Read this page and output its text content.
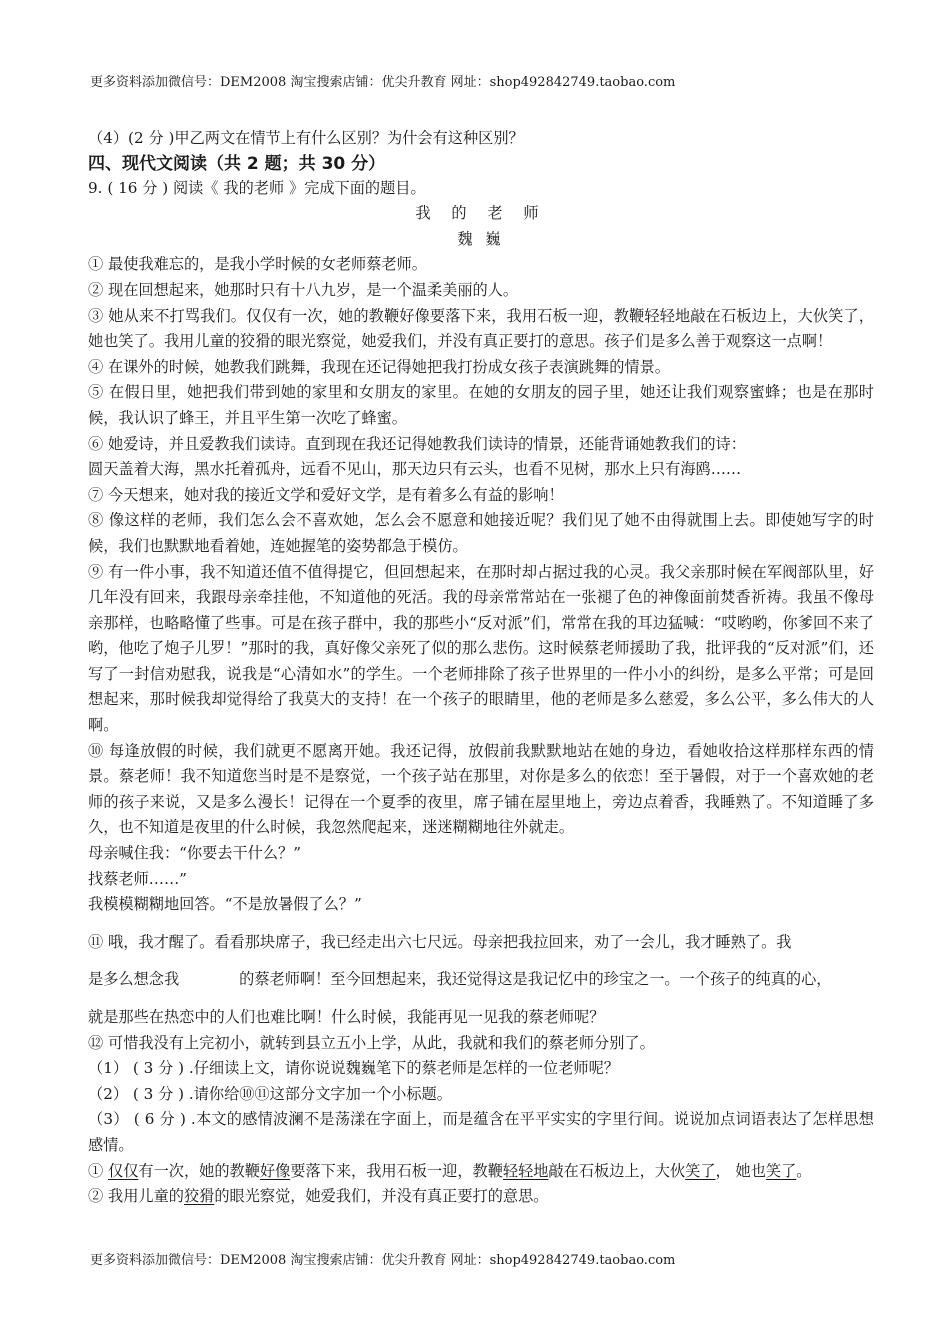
更多资料添加微信号：DEM2008 淘宝搜索店铺：优尖升教育 网址：shop492842749.taobao.com
（4）(2 分 )甲乙两文在情节上有什么区别？为什会有这种区别？
四、现代文阅读（共 2 题；共 30 分）
9. ( 16 分 ) 阅读《 我的老师 》完成下面的题目。
我 的 老 师
魏 巍
① 最使我难忘的，是我小学时候的女老师蔡老师。
② 现在回想起来，她那时只有十八九岁，是一个温柔美丽的人。
③ 她从来不打骂我们。仅仅有一次，她的教鞭好像要落下来，我用石板一迎，教鞭轻轻地敲在石板边上，大伙笑了，她也笑了。我用儿童的狡猾的眼光察觉，她爱我们，并没有真正要打的意思。孩子们是多么善于观察这一点啊！
④ 在课外的时候，她教我们跳舞，我现在还记得她把我打扮成女孩子表演跳舞的情景。
⑤ 在假日里，她把我们带到她的家里和女朋友的家里。在她的女朋友的园子里，她还让我们观察蜜蜂；也是在那时候，我认识了蜂王，并且平生第一次吃了蜂蜜。
⑥ 她爱诗，并且爱教我们读诗。直到现在我还记得她教我们读诗的情景，还能背诵她教我们的诗：
圆天盖着大海，黑水托着孤舟，远看不见山，那天边只有云头，也看不见树，那水上只有海鸥……
⑦ 今天想来，她对我的接近文学和爱好文学，是有着多么有益的影响！
⑧ 像这样的老师，我们怎么会不喜欢她，怎么会不愿意和她接近呢？我们见了她不由得就围上去。即使她写字的时候，我们也默默地看着她，连她握笔的姿势都急于模仿。
⑨ 有一件小事，我不知道还值不值得提它，但回想起来，在那时却占据过我的心灵。我父亲那时候在军阀部队里，好几年没有回来，我跟母亲牵挂他，不知道他的死活。我的母亲常常站在一张褪了色的神像面前焚香祈祷。我虽不像母亲那样，也略略懂了些事。可是在孩子群中，我的那些小“反对派”们，常常在我的耳边猛喊：“哎哟哟，你爹回不来了哟，他吃了炮子儿罗！”那时的我，真好像父亲死了似的那么悲伤。这时候蔡老师援助了我，批评我的“反对派”们，还写了一封信劝慰我，说我是“心清如水”的学生。一个老师排除了孩子世界里的一件小小的纠纷，是多么平常；可是回想起来，那时候我却觉得给了我莫大的支持！在一个孩子的眼睛里，他的老师是多么慈爱，多么公平，多么伟大的人啊。
⑩ 每逢放假的时候，我们就更不愿离开她。我还记得，放假前我默默地站在她的身边，看她收拾这样那样东西的情景。蔡老师！我不知道您当时是不是察觉，一个孩子站在那里，对你是多么的依恋！至于暑假，对于一个喜欢她的老师的孩子来说，又是多么漫长！记得在一个夏季的夜里，席子铺在屋里地上，旁边点着香，我睡熟了。不知道睡了多久，也不知道是夜里的什么时候，我忽然爬起来，迷迷糊糊地往外就走。
母亲喊住我：“你要去干什么？”
找蔡老师……”
我模模糊糊地回答。“不是放暑假了么？”
⑪ 哦，我才醒了。看看那块席子，我已经走出六七尺远。母亲把我拉回来，劝了一会儿，我才睡熟了。我
是多么想念我	的蔡老师啊！至今回想起来，我还觉得这是我记忆中的珍宝之一。一个孩子的纯真的心，
就是那些在热恋中的人们也难比啊！什么时候，我能再见一见我的蔡老师呢？
⑫ 可惜我没有上完初小，就转到县立五小上学，从此，我就和我们的蔡老师分别了。
（1） ( 3 分 ) .仔细读上文，请你说说魏巍笔下的蔡老师是怎样的一位老师呢？
（2） ( 3 分 ) .请你给⑩⑪这部分文字加一个小标题。
（3） ( 6 分 ) .本文的感情波澜不是荡漾在字面上，而是蕴含在平平实实的字里行间。说说加点词语表达了怎样思想感情。
① 仅仅有一次，她的教鞭好像要落下来，我用石板一迎，教鞭轻轻地敲在石板边上，大伙笑了， 她也笑了。
② 我用儿童的狡猾的眼光察觉，她爱我们，并没有真正要打的意思。
更多资料添加微信号：DEM2008 淘宝搜索店铺：优尖升教育 网址：shop492842749.taobao.com
